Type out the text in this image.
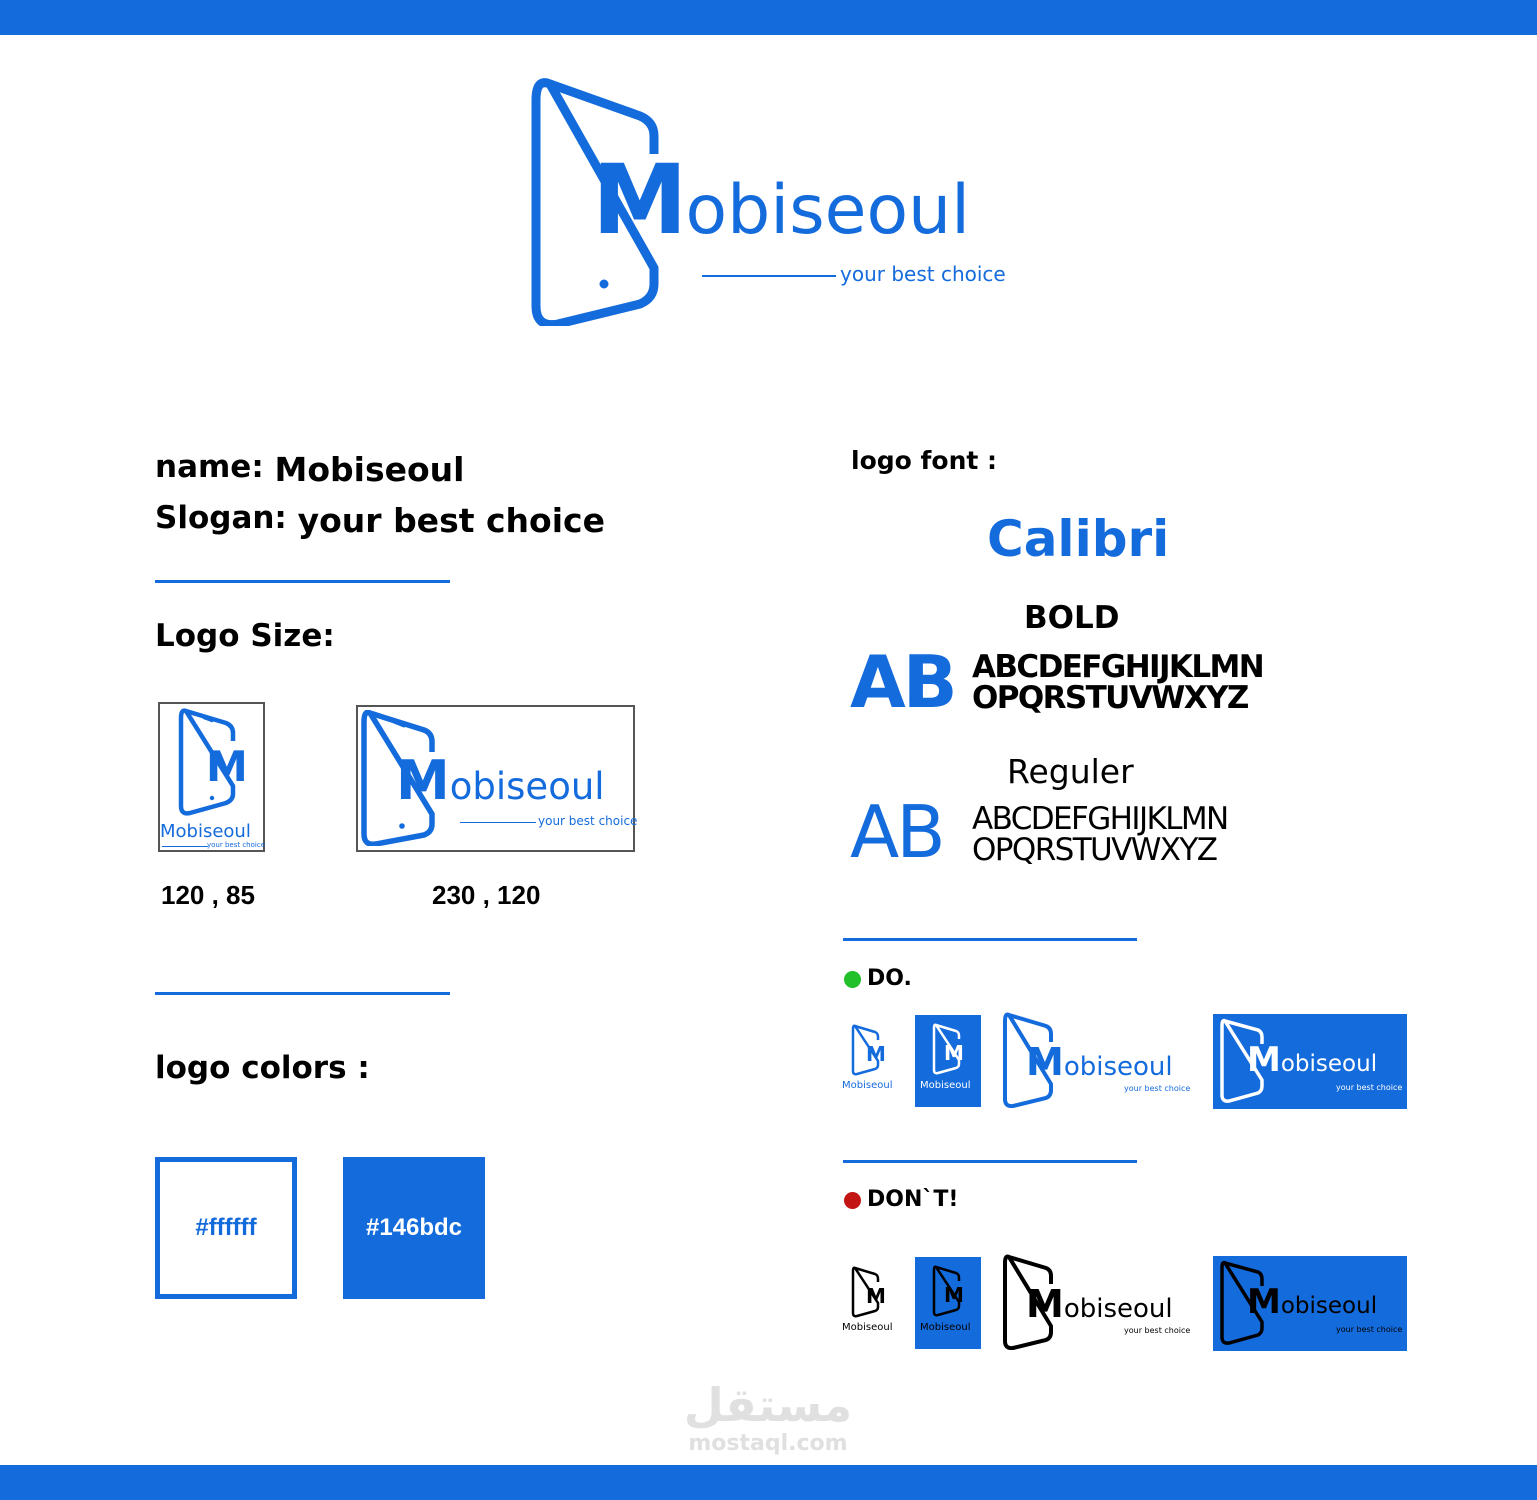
Mobiseoul
your best choice
name: Mobiseoul
Slogan: your best choice
Logo Size:
M
Mobiseoul
your best choice
120 , 85
Mobiseoul
your best choice
230 , 120
logo colors :
#ffffff	#146bdc
logo font :
Calibri
BOLD
AB ABCDEFGHIJKLMN
OPQRSTUVWXYZ
Reguler
AB ABCDEFGHIJKLMN
OPQRSTUVWXYZ
DO.
M
Mobiseoul
M
Mobiseoul
Mobiseoul
your best choice
Mobiseoul
your best choice
DON`T!
M
Mobiseoul
M
Mobiseoul
Mobiseoul
your best choice
Mobiseoul
your best choice
مستقل
mostaql.com
